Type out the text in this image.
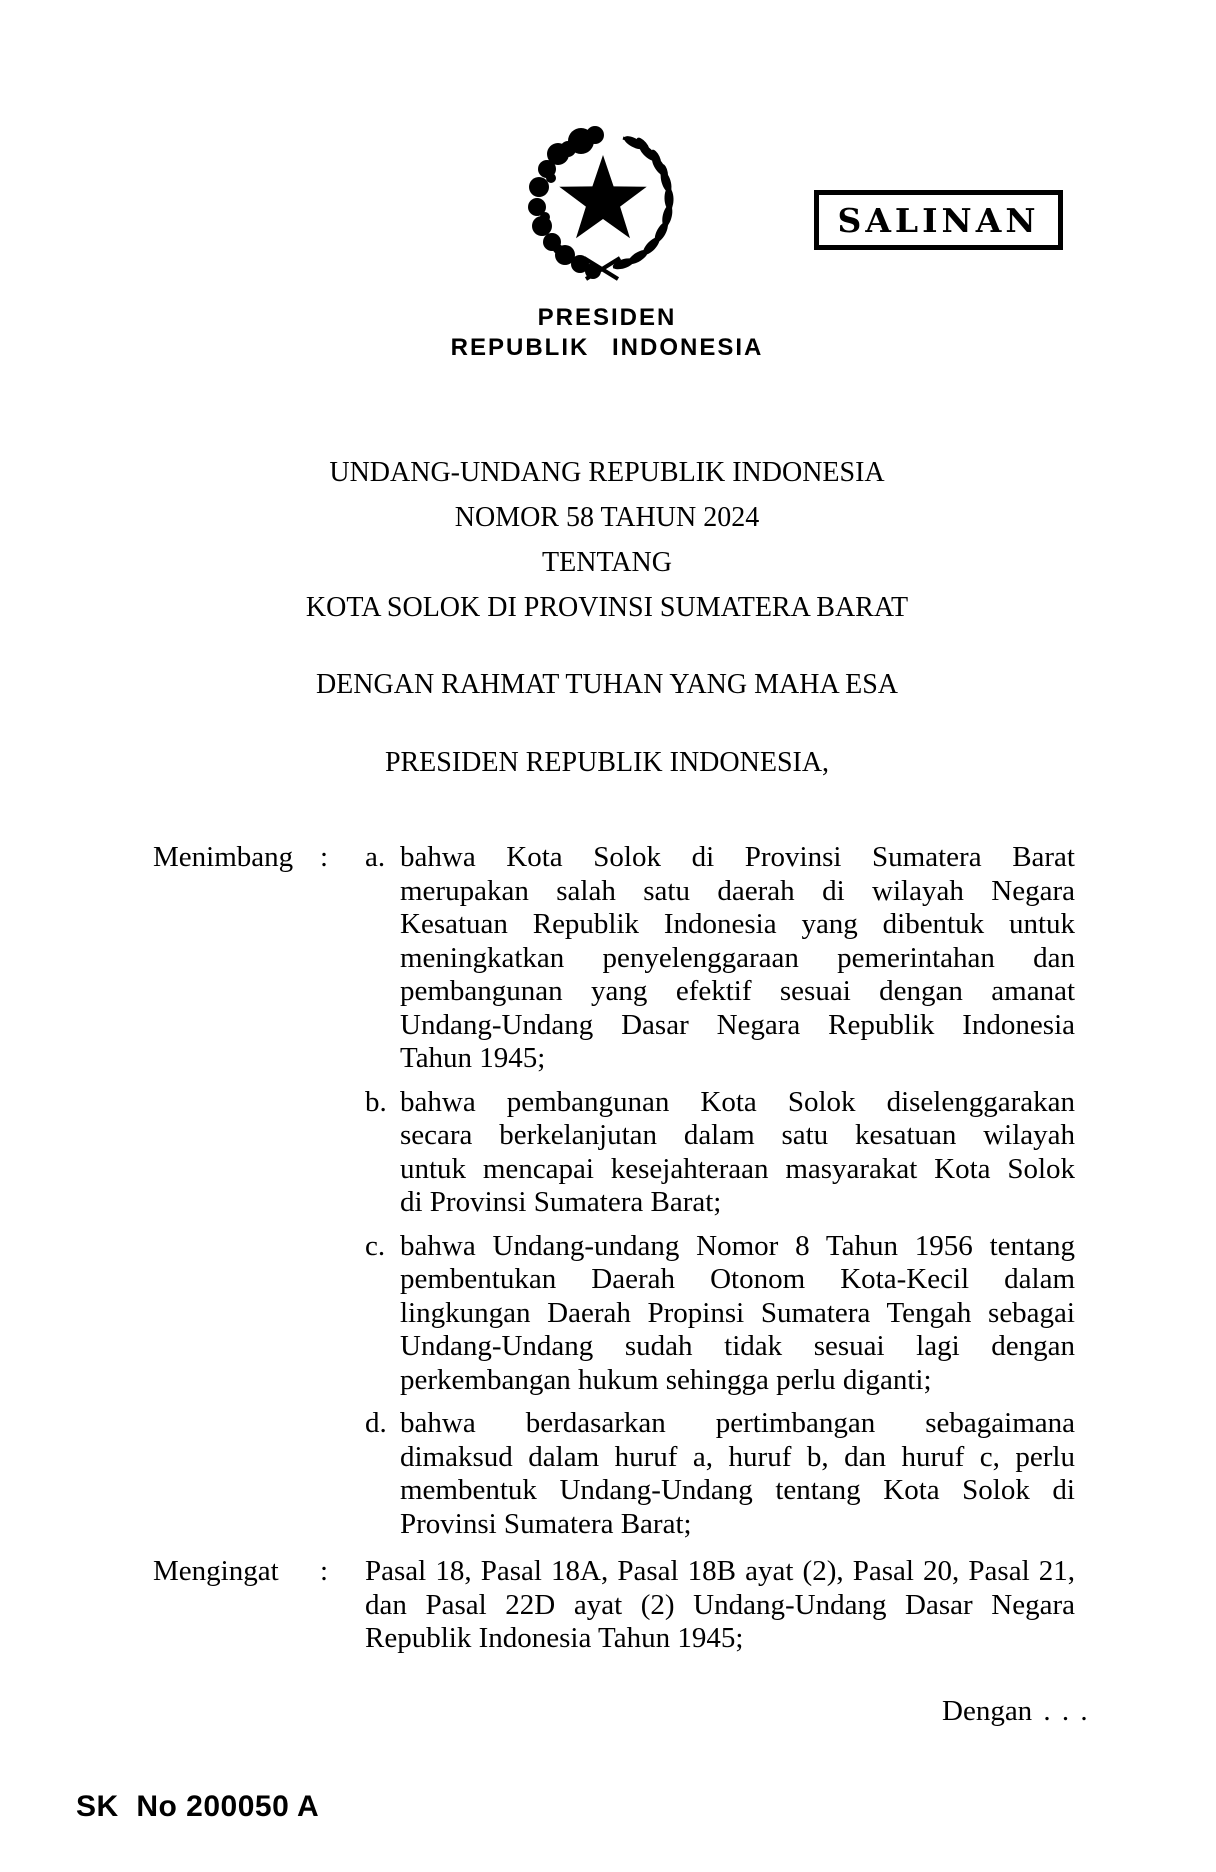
SALINAN
PRESIDEN
REPUBLIK INDONESIA
UNDANG-UNDANG REPUBLIK INDONESIA
NOMOR 58 TAHUN 2024
TENTANG
KOTA SOLOK DI PROVINSI SUMATERA BARAT
DENGAN RAHMAT TUHAN YANG MAHA ESA
PRESIDEN REPUBLIK INDONESIA,
Menimbang : a. bahwa Kota Solok di Provinsi Sumatera Barat
merupakan salah satu daerah di wilayah Negara
Kesatuan Republik Indonesia yang dibentuk untuk
meningkatkan penyelenggaraan pemerintahan dan
pembangunan yang efektif sesuai dengan amanat
Undang-Undang Dasar Negara Republik Indonesia
Tahun 1945;
b. bahwa pembangunan Kota Solok diselenggarakan
secara berkelanjutan dalam satu kesatuan wilayah
untuk mencapai kesejahteraan masyarakat Kota Solok
di Provinsi Sumatera Barat;
c. bahwa Undang-undang Nomor 8 Tahun 1956 tentang
pembentukan Daerah Otonom Kota-Kecil dalam
lingkungan Daerah Propinsi Sumatera Tengah sebagai
Undang-Undang sudah tidak sesuai lagi dengan
perkembangan hukum sehingga perlu diganti;
d. bahwa berdasarkan pertimbangan sebagaimana
dimaksud dalam huruf a, huruf b, dan huruf c, perlu
membentuk Undang-Undang tentang Kota Solok di
Provinsi Sumatera Barat;
Mengingat : Pasal 18, Pasal 18A, Pasal 18B ayat (2), Pasal 20, Pasal 21,
dan Pasal 22D ayat (2) Undang-Undang Dasar Negara
Republik Indonesia Tahun 1945;
Dengan . . .
SK  No 200050 A
